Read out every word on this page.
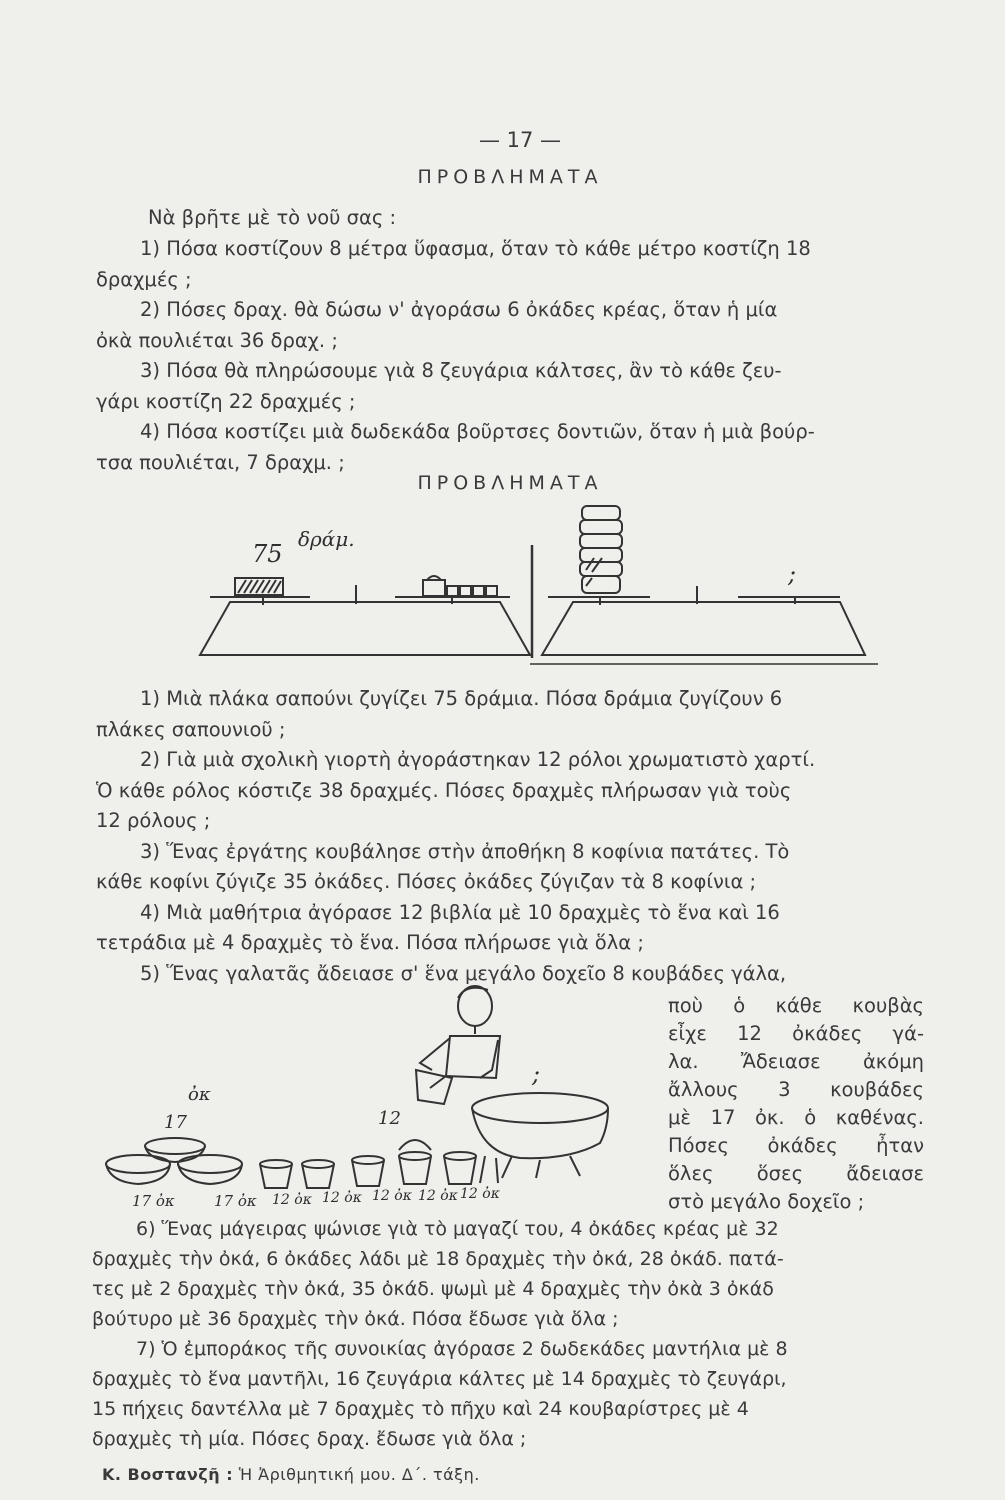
— 17 —
ΠΡΟΒΛΗΜΑΤΑ
Νὰ βρῆτε μὲ τὸ νοῦ σας :

1) Πόσα κοστίζουν 8 μέτρα ὕφασμα, ὅταν τὸ κάθε μέτρο κοστίζη 18
δραχμές ;

2) Πόσες δραχ. θὰ δώσω ν' ἀγοράσω 6 ὀκάδες κρέας, ὅταν ἡ μία
ὀκὰ πουλιέται 36 δραχ. ;

3) Πόσα θὰ πληρώσουμε γιὰ 8 ζευγάρια κάλτσες, ἂν τὸ κάθε ζευ-
γάρι κοστίζη 22 δραχμές ;

4) Πόσα κοστίζει μιὰ δωδεκάδα βοῦρτσες δοντιῶν, ὅταν ἡ μιὰ βούρ-
τσα πουλιέται, 7 δραχμ. ;

ΠΡΟΒΛΗΜΑΤΑ
75
δράμ.
;

1) Μιὰ πλάκα σαπούνι ζυγίζει 75 δράμια. Πόσα δράμια ζυγίζουν 6
πλάκες σαπουνιοῦ ;

2) Γιὰ μιὰ σχολικὴ γιορτὴ ἀγοράστηκαν 12 ρόλοι χρωματιστὸ χαρτί.
Ὁ κάθε ρόλος κόστιζε 38 δραχμές. Πόσες δραχμὲς πλήρωσαν γιὰ τοὺς
12 ρόλους ;

3) Ἕνας ἐργάτης κουβάλησε στὴν ἀποθήκη 8 κοφίνια πατάτες. Τὸ
κάθε κοφίνι ζύγιζε 35 ὀκάδες. Πόσες ὀκάδες ζύγιζαν τὰ 8 κοφίνια ;

4) Μιὰ μαθήτρια ἀγόρασε 12 βιβλία μὲ 10 δραχμὲς τὸ ἕνα καὶ 16
τετράδια μὲ 4 δραχμὲς τὸ ἕνα. Πόσα πλήρωσε γιὰ ὅλα ;

5) Ἕνας γαλατᾶς ἄδειασε σ' ἕνα μεγάλο δοχεῖο 8 κουβάδες γάλα,

ὀκ
17	12
;
17 ὀκ	17 ὀκ 12 ὀκ 12 ὀκ 12 ὀκ 12 ὀκ 12 ὀκ
ποὺ ὁ κάθε κουβὰς
εἶχε 12 ὀκάδες γά-
λα. Ἄδειασε ἀκόμη
ἄλλους 3 κουβάδες
μὲ 17 ὀκ. ὁ καθένας.
Πόσες ὀκάδες ἦταν
ὅλες ὅσες ἄδειασε
στὸ μεγάλο δοχεῖο ;

6) Ἕνας μάγειρας ψώνισε γιὰ τὸ μαγαζί του, 4 ὀκάδες κρέας μὲ 32
δραχμὲς τὴν ὀκά, 6 ὀκάδες λάδι μὲ 18 δραχμὲς τὴν ὀκά, 28 ὀκάδ. πατά-
τες μὲ 2 δραχμὲς τὴν ὀκά, 35 ὀκάδ. ψωμὶ μὲ 4 δραχμὲς τὴν ὀκὰ 3 ὀκάδ
βούτυρο μὲ 36 δραχμὲς τὴν ὀκά. Πόσα ἔδωσε γιὰ ὅλα ;

7) Ὁ ἐμποράκος τῆς συνοικίας ἀγόρασε 2 δωδεκάδες μαντήλια μὲ 8
δραχμὲς τὸ ἕνα μαντῆλι, 16 ζευγάρια κάλτες μὲ 14 δραχμὲς τὸ ζευγάρι,
15 πήχεις δαντέλλα μὲ 7 δραχμὲς τὸ πῆχυ καὶ 24 κουβαρίστρες μὲ 4
δραχμὲς τὴ μία. Πόσες δραχ. ἔδωσε γιὰ ὅλα ;

Κ. Βοστανζῆ : Ἡ Ἀριθμητική μου. Δ΄. τάξη.
